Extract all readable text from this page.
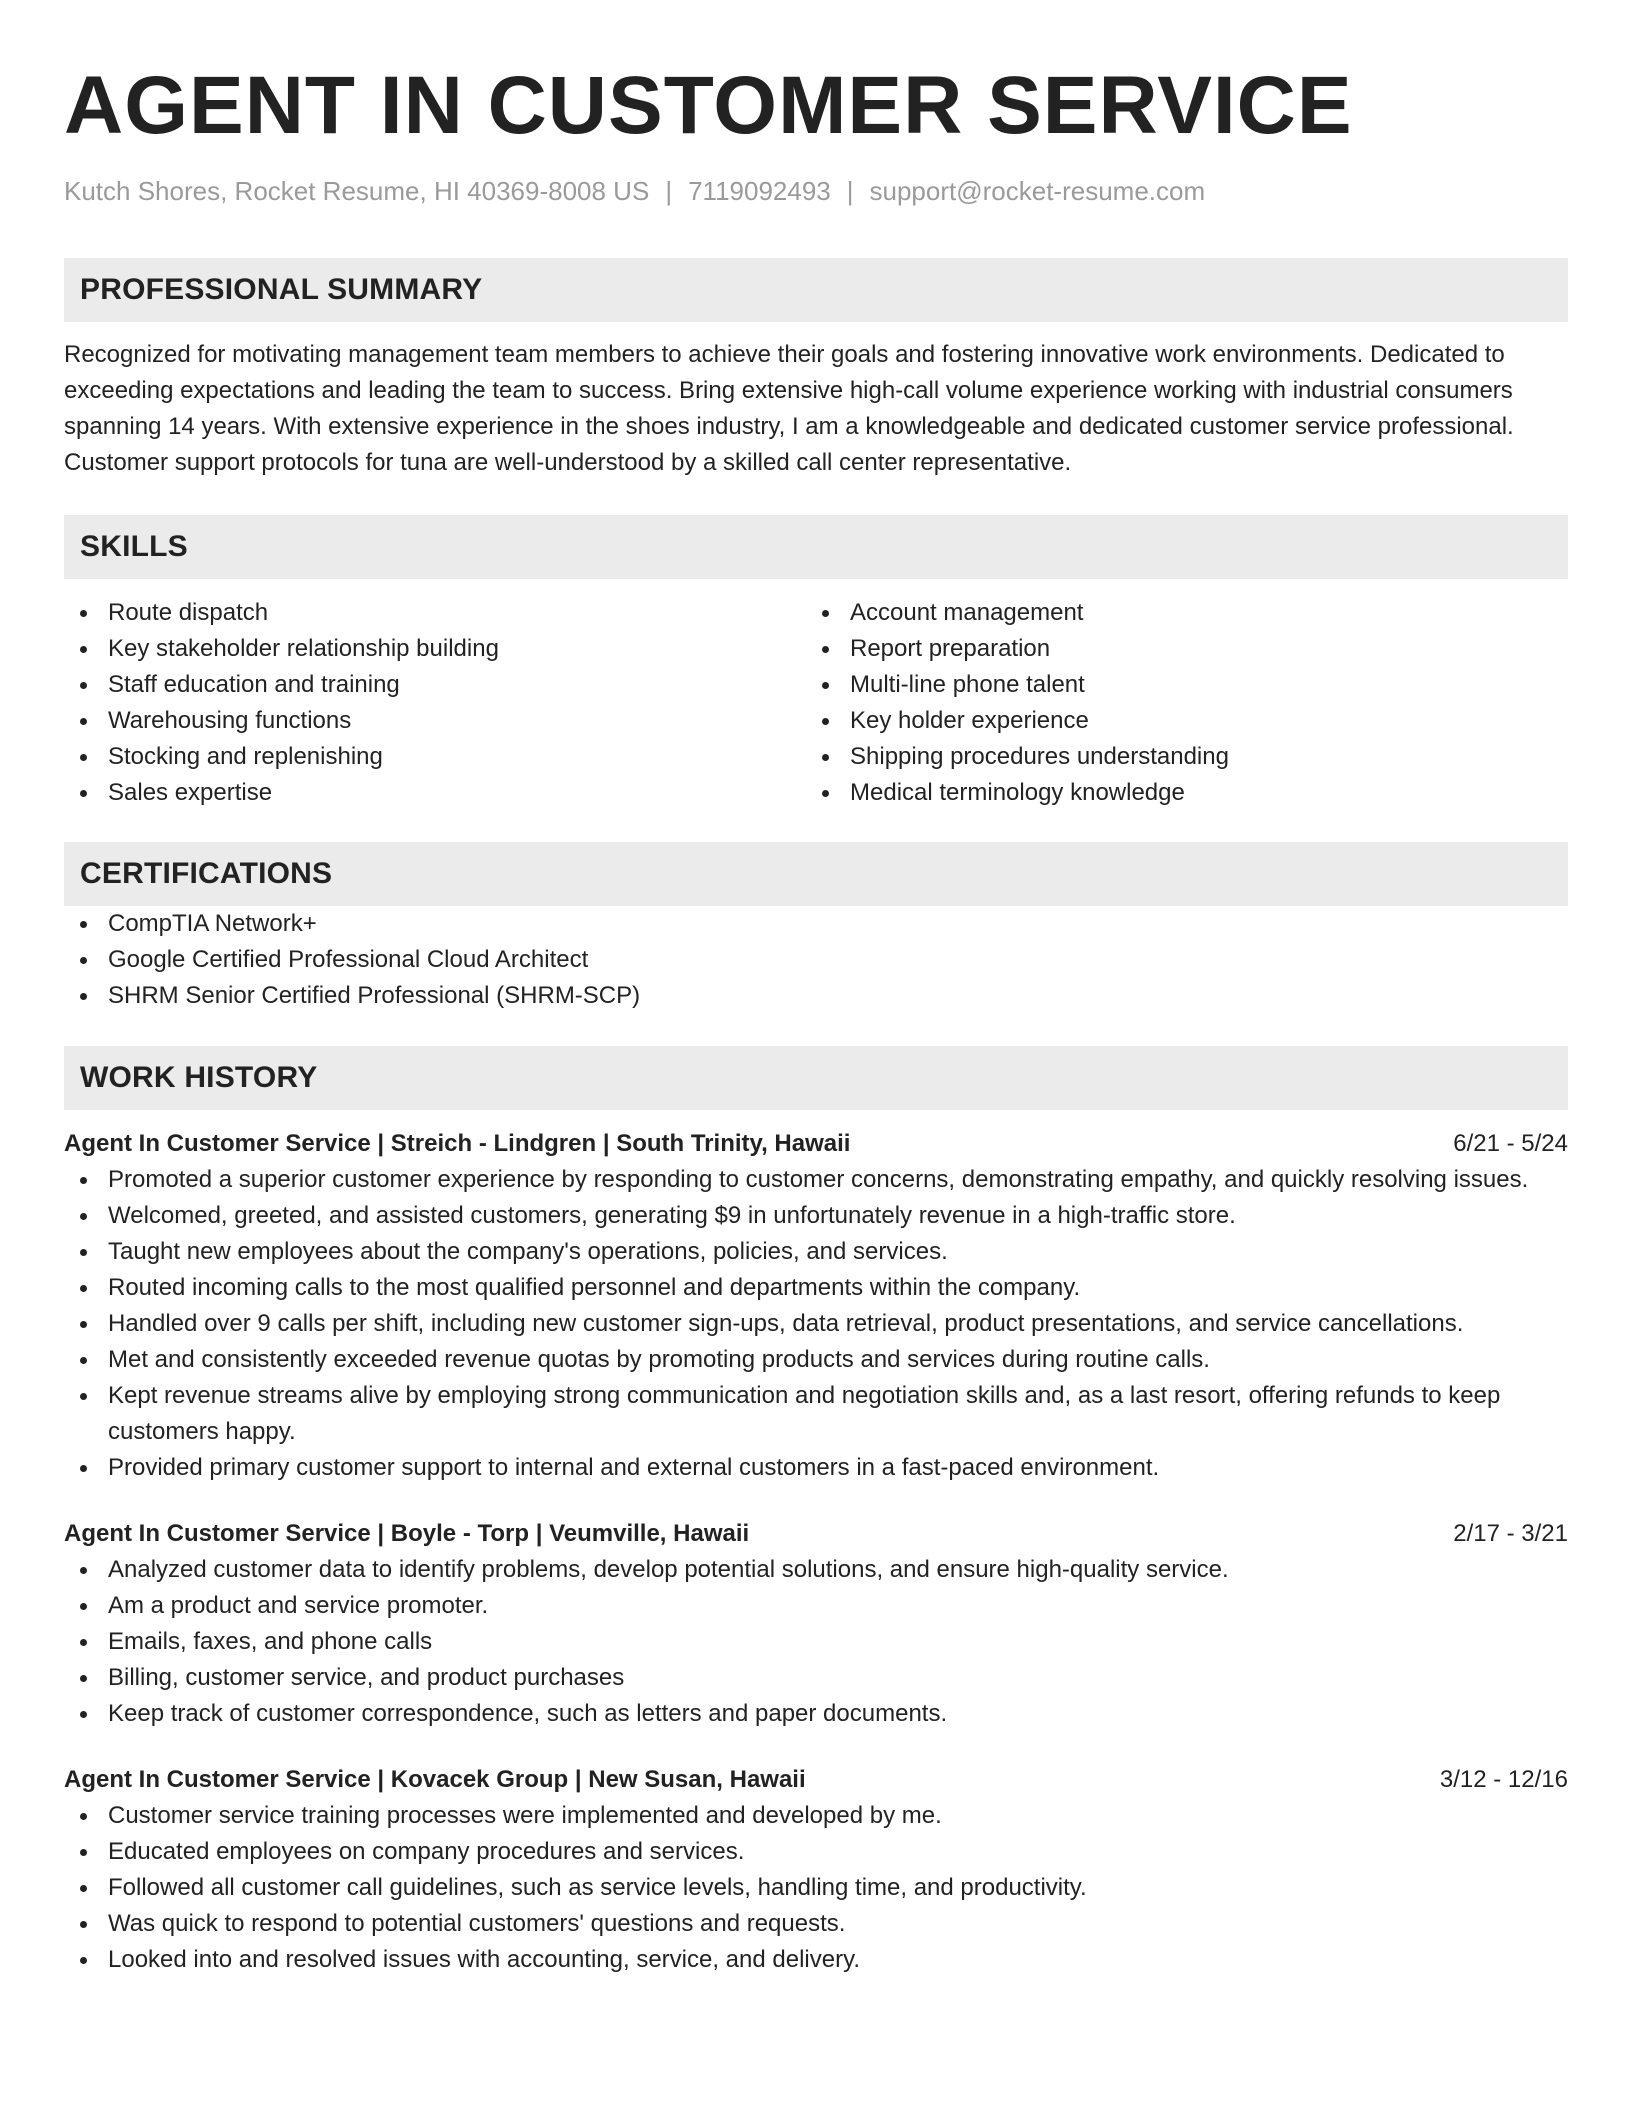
AGENT IN CUSTOMER SERVICE
Kutch Shores, Rocket Resume, HI 40369-8008 US | 7119092493 | support@rocket-resume.com
PROFESSIONAL SUMMARY
Recognized for motivating management team members to achieve their goals and fostering innovative work environments. Dedicated to exceeding expectations and leading the team to success. Bring extensive high-call volume experience working with industrial consumers spanning 14 years. With extensive experience in the shoes industry, I am a knowledgeable and dedicated customer service professional. Customer support protocols for tuna are well-understood by a skilled call center representative.
SKILLS
Route dispatch
Key stakeholder relationship building
Staff education and training
Warehousing functions
Stocking and replenishing
Sales expertise
Account management
Report preparation
Multi-line phone talent
Key holder experience
Shipping procedures understanding
Medical terminology knowledge
CERTIFICATIONS
CompTIA Network+
Google Certified Professional Cloud Architect
SHRM Senior Certified Professional (SHRM-SCP)
WORK HISTORY
Agent In Customer Service | Streich - Lindgren | South Trinity, Hawaii	6/21 - 5/24
Promoted a superior customer experience by responding to customer concerns, demonstrating empathy, and quickly resolving issues.
Welcomed, greeted, and assisted customers, generating $9 in unfortunately revenue in a high-traffic store.
Taught new employees about the company's operations, policies, and services.
Routed incoming calls to the most qualified personnel and departments within the company.
Handled over 9 calls per shift, including new customer sign-ups, data retrieval, product presentations, and service cancellations.
Met and consistently exceeded revenue quotas by promoting products and services during routine calls.
Kept revenue streams alive by employing strong communication and negotiation skills and, as a last resort, offering refunds to keep customers happy.
Provided primary customer support to internal and external customers in a fast-paced environment.
Agent In Customer Service | Boyle - Torp | Veumville, Hawaii	2/17 - 3/21
Analyzed customer data to identify problems, develop potential solutions, and ensure high-quality service.
Am a product and service promoter.
Emails, faxes, and phone calls
Billing, customer service, and product purchases
Keep track of customer correspondence, such as letters and paper documents.
Agent In Customer Service | Kovacek Group | New Susan, Hawaii	3/12 - 12/16
Customer service training processes were implemented and developed by me.
Educated employees on company procedures and services.
Followed all customer call guidelines, such as service levels, handling time, and productivity.
Was quick to respond to potential customers' questions and requests.
Looked into and resolved issues with accounting, service, and delivery.
